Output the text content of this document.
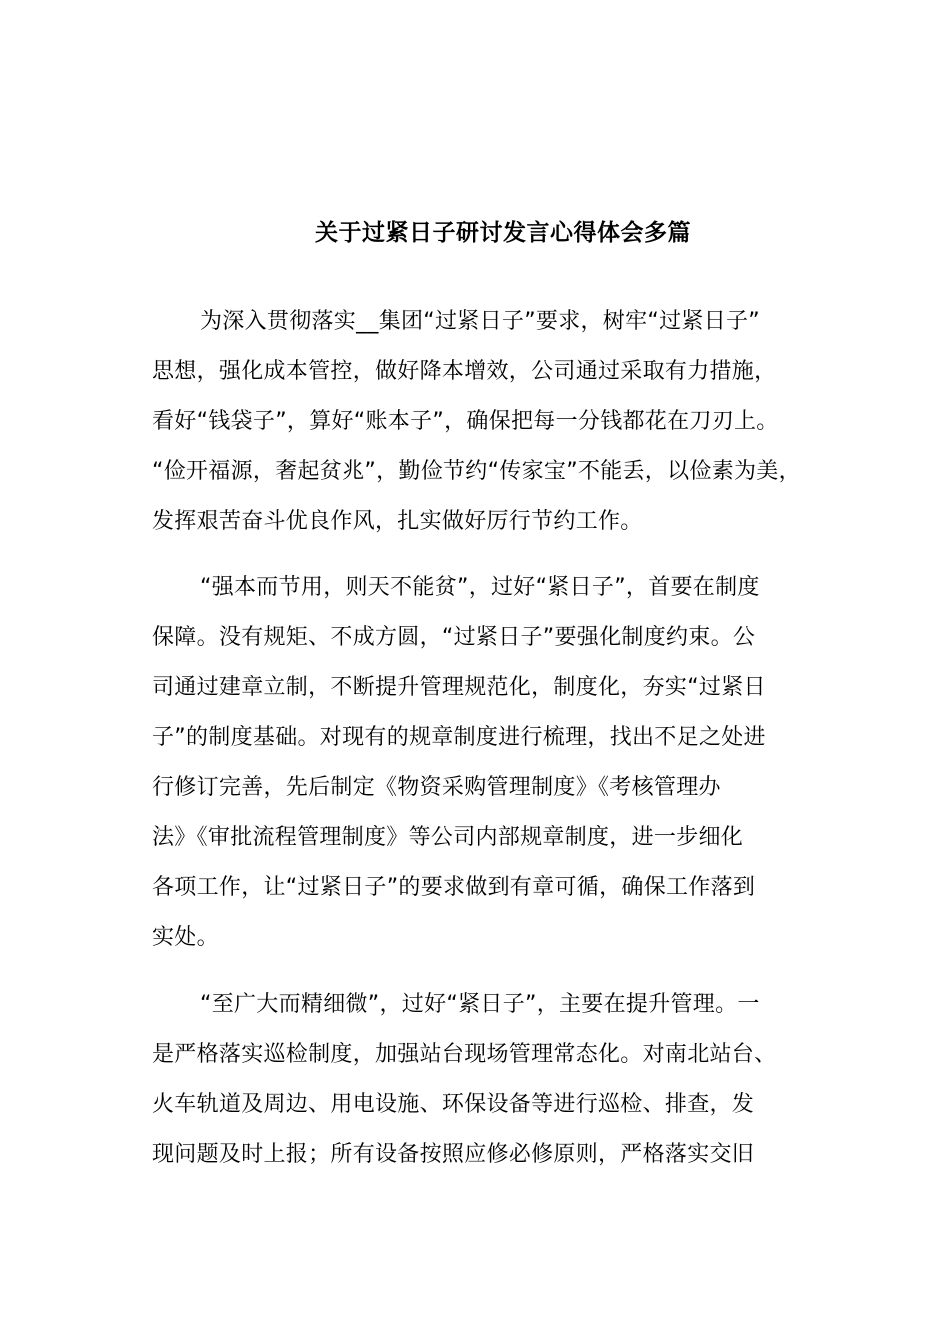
关于过紧日子研讨发言心得体会多篇
为深入贯彻落实__集团“过紧日子”要求，树牢“过紧日子”
思想，强化成本管控，做好降本增效，公司通过采取有力措施，
看好“钱袋子”，算好“账本子”，确保把每一分钱都花在刀刃上。
“俭开福源，奢起贫兆”，勤俭节约“传家宝”不能丢，以俭素为美，
发挥艰苦奋斗优良作风，扎实做好厉行节约工作。
“强本而节用，则天不能贫”，过好“紧日子”，首要在制度
保障。没有规矩、不成方圆，“过紧日子”要强化制度约束。公
司通过建章立制，不断提升管理规范化，制度化，夯实“过紧日
子”的制度基础。对现有的规章制度进行梳理，找出不足之处进
行修订完善，先后制定《物资采购管理制度》《考核管理办
法》《审批流程管理制度》等公司内部规章制度，进一步细化
各项工作，让“过紧日子”的要求做到有章可循，确保工作落到
实处。
“至广大而精细微”，过好“紧日子”，主要在提升管理。一
是严格落实巡检制度，加强站台现场管理常态化。对南北站台、
火车轨道及周边、用电设施、环保设备等进行巡检、排查，发
现问题及时上报；所有设备按照应修必修原则，严格落实交旧
